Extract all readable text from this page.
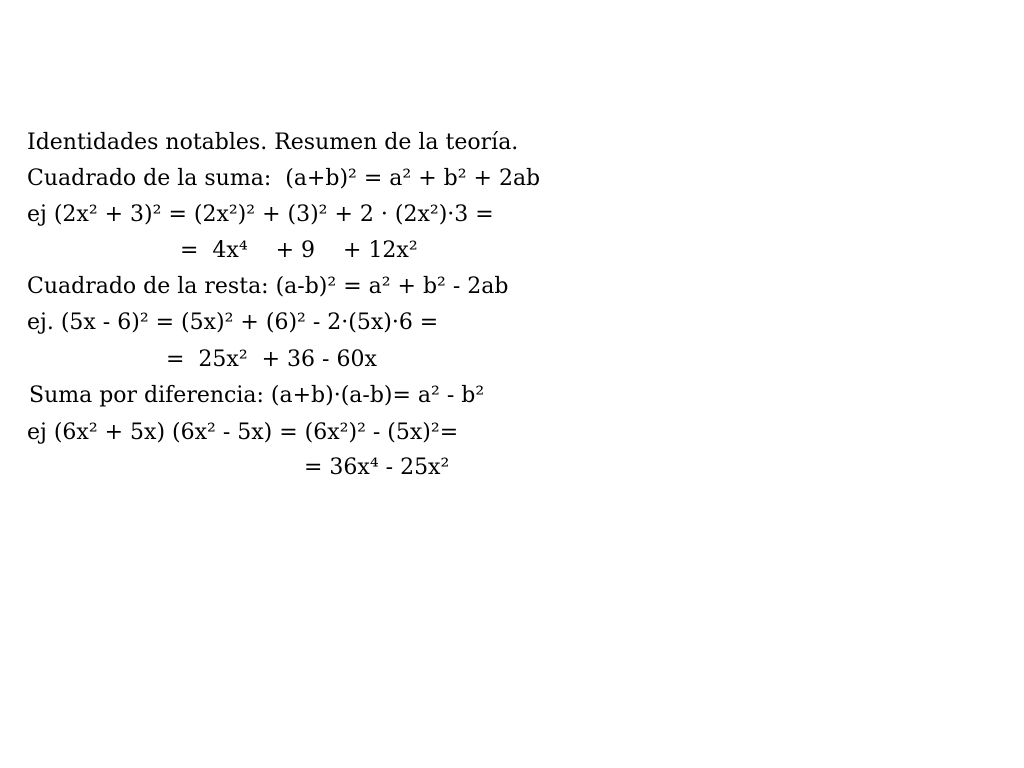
Identidades notables. Resumen de la teoría.

Cuadrado de la suma:  (a+b)² = a² + b² + 2ab

ej (2x² + 3)² = (2x²)² + (3)² + 2 · (2x²)·3 =

=  4x⁴    + 9    + 12x²

Cuadrado de la resta: (a-b)² = a² + b² - 2ab

ej. (5x - 6)² = (5x)² + (6)² - 2·(5x)·6 =

=  25x²  + 36 - 60x

Suma por diferencia: (a+b)·(a-b)= a² - b²

ej (6x² + 5x) (6x² - 5x) = (6x²)² - (5x)²=

= 36x⁴ - 25x²
